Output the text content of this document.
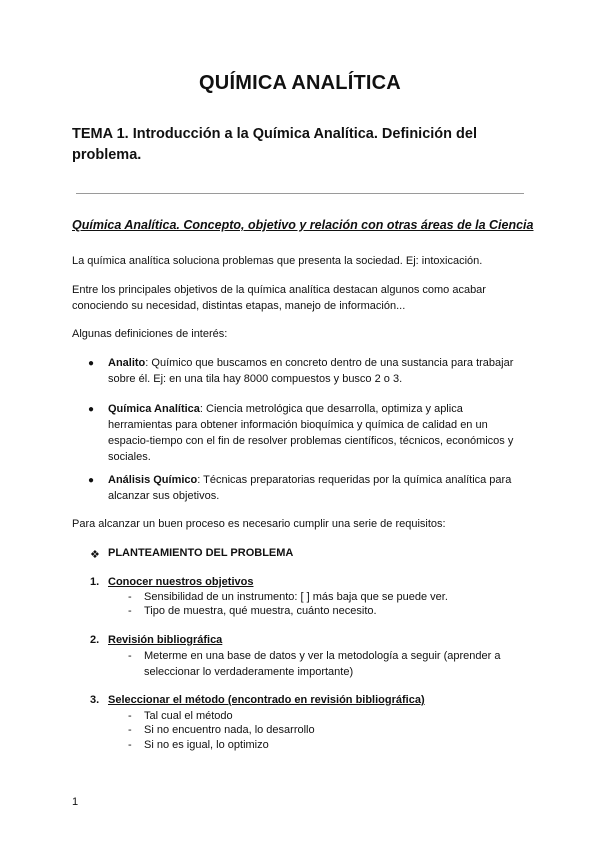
QUÍMICA ANALÍTICA
TEMA 1. Introducción a la Química Analítica. Definición del problema.
Química Analítica. Concepto, objetivo y relación con otras áreas de la Ciencia
La química analítica soluciona problemas que presenta la sociedad. Ej: intoxicación.
Entre los principales objetivos de la química analítica destacan algunos como acabar conociendo su necesidad, distintas etapas, manejo de información...
Algunas definiciones de interés:
● Analito: Químico que buscamos en concreto dentro de una sustancia para trabajar sobre él. Ej: en una tila hay 8000 compuestos y busco 2 o 3.
● Química Analítica: Ciencia metrológica que desarrolla, optimiza y aplica herramientas para obtener información bioquímica y química de calidad en un espacio-tiempo con el fin de resolver problemas científicos, técnicos, económicos y sociales.
● Análisis Químico: Técnicas preparatorias requeridas por la química analítica para alcanzar sus objetivos.
Para alcanzar un buen proceso es necesario cumplir una serie de requisitos:
❖ PLANTEAMIENTO DEL PROBLEMA
1. Conocer nuestros objetivos
- Sensibilidad de un instrumento: [ ] más baja que se puede ver.
- Tipo de muestra, qué muestra, cuánto necesito.
2. Revisión bibliográfica
- Meterme en una base de datos y ver la metodología a seguir (aprender a seleccionar lo verdaderamente importante)
3. Seleccionar el método (encontrado en revisión bibliográfica)
- Tal cual el método
- Si no encuentro nada, lo desarrollo
- Si no es igual, lo optimizo
1
